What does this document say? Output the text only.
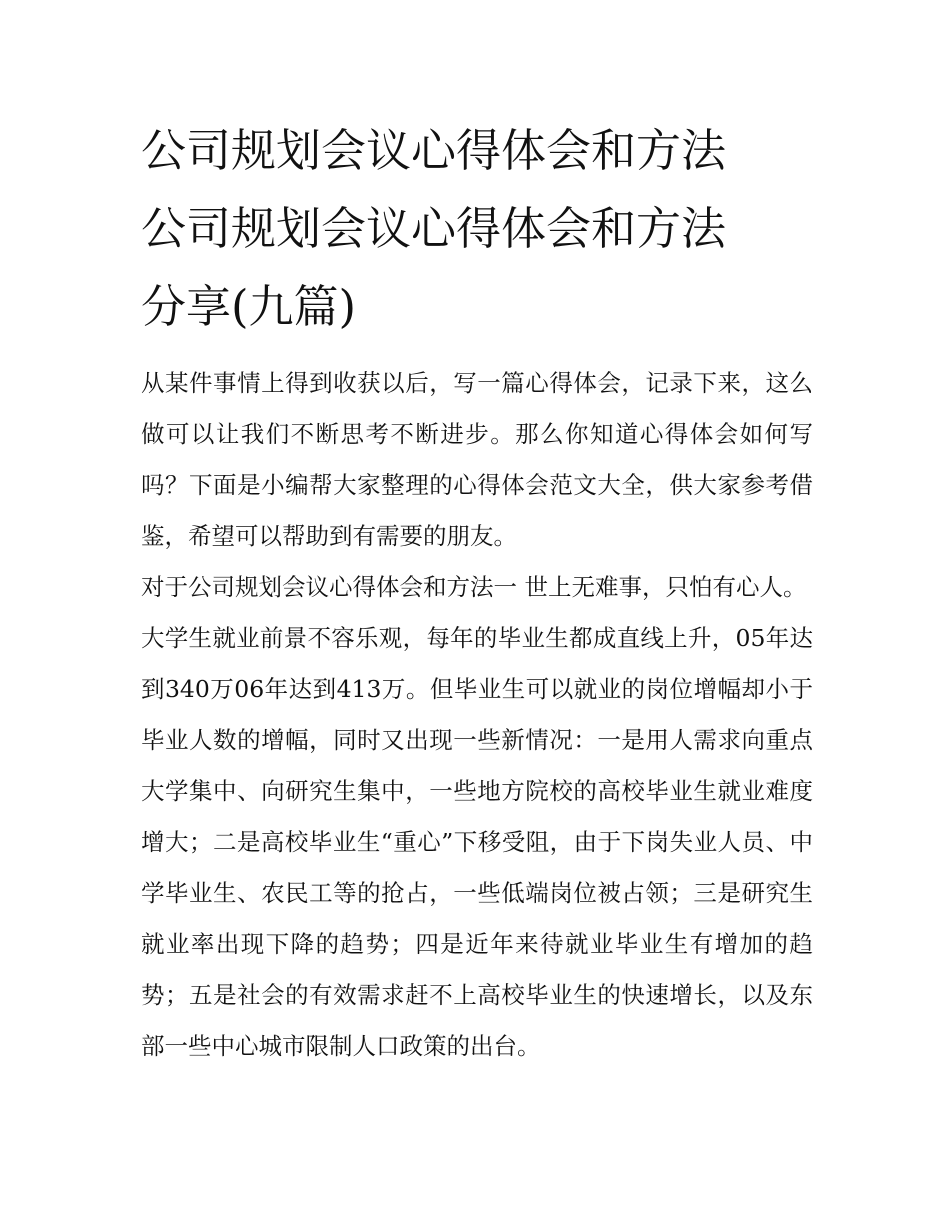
公司规划会议心得体会和方法
公司规划会议心得体会和方法
分享(九篇)

从某件事情上得到收获以后，写一篇心得体会，记录下来，这么做可以让我们不断思考不断进步。那么你知道心得体会如何写吗？下面是小编帮大家整理的心得体会范文大全，供大家参考借鉴，希望可以帮助到有需要的朋友。

对于公司规划会议心得体会和方法一 世上无难事，只怕有心人。

大学生就业前景不容乐观，每年的毕业生都成直线上升，05年达到340万06年达到413万。但毕业生可以就业的岗位增幅却小于毕业人数的增幅，同时又出现一些新情况：一是用人需求向重点大学集中、向研究生集中，一些地方院校的高校毕业生就业难度增大；二是高校毕业生“重心”下移受阻，由于下岗失业人员、中学毕业生、农民工等的抢占，一些低端岗位被占领；三是研究生就业率出现下降的趋势；四是近年来待就业毕业生有增加的趋势；五是社会的有效需求赶不上高校毕业生的快速增长，以及东部一些中心城市限制人口政策的出台。
